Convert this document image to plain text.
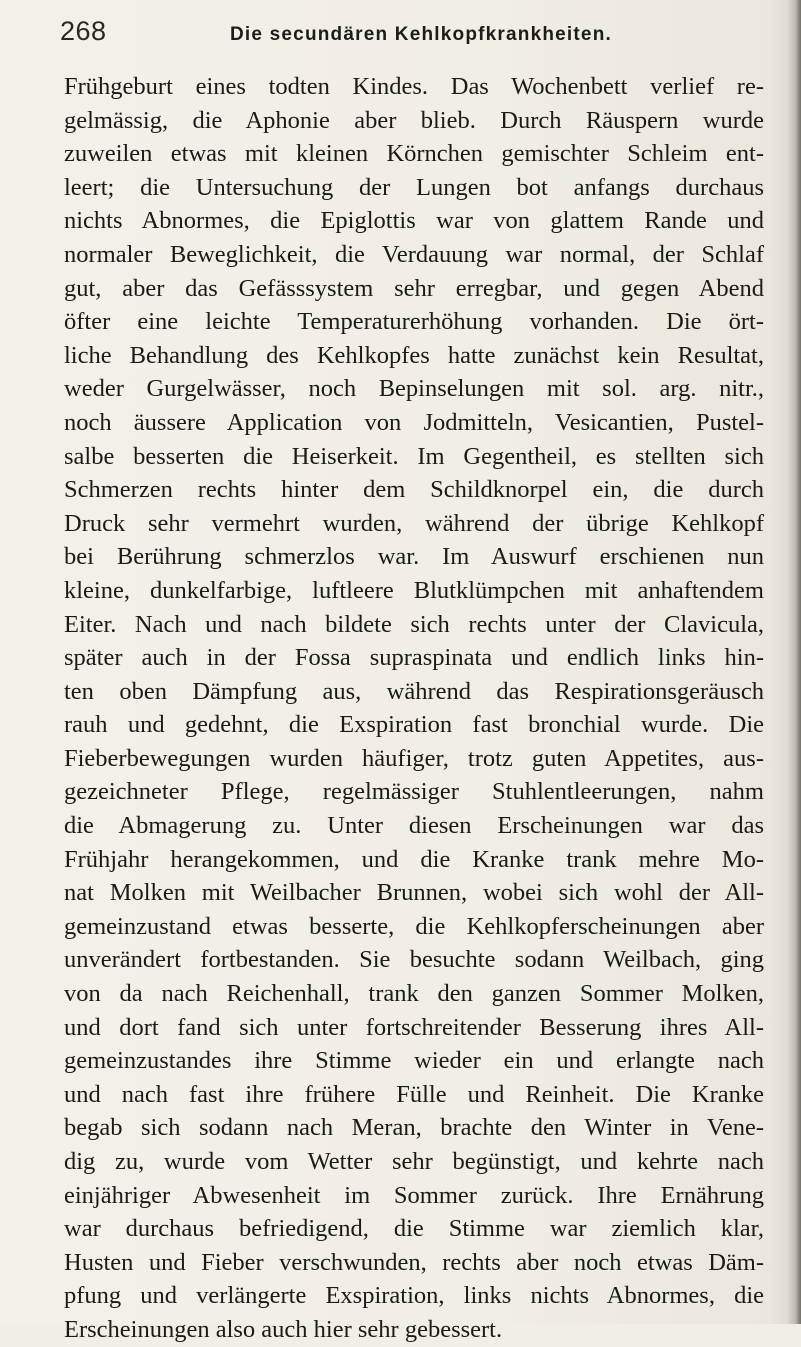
268	Die secundären Kehlkopfkrankheiten.
Frühgeburt eines todten Kindes. Das Wochenbett verlief re-
gelmässig, die Aphonie aber blieb. Durch Räuspern wurde
zuweilen etwas mit kleinen Körnchen gemischter Schleim ent-
leert; die Untersuchung der Lungen bot anfangs durchaus
nichts Abnormes, die Epiglottis war von glattem Rande und
normaler Beweglichkeit, die Verdauung war normal, der Schlaf
gut, aber das Gefässsystem sehr erregbar, und gegen Abend
öfter eine leichte Temperaturerhöhung vorhanden. Die ört-
liche Behandlung des Kehlkopfes hatte zunächst kein Resultat,
weder Gurgelwässer, noch Bepinselungen mit sol. arg. nitr.,
noch äussere Application von Jodmitteln, Vesicantien, Pustel-
salbe besserten die Heiserkeit. Im Gegentheil, es stellten sich
Schmerzen rechts hinter dem Schildknorpel ein, die durch
Druck sehr vermehrt wurden, während der übrige Kehlkopf
bei Berührung schmerzlos war. Im Auswurf erschienen nun
kleine, dunkelfarbige, luftleere Blutklümpchen mit anhaftendem
Eiter. Nach und nach bildete sich rechts unter der Clavicula,
später auch in der Fossa supraspinata und endlich links hin-
ten oben Dämpfung aus, während das Respirationsgeräusch
rauh und gedehnt, die Exspiration fast bronchial wurde. Die
Fieberbewegungen wurden häufiger, trotz guten Appetites, aus-
gezeichneter Pflege, regelmässiger Stuhlentleerungen, nahm
die Abmagerung zu. Unter diesen Erscheinungen war das
Frühjahr herangekommen, und die Kranke trank mehre Mo-
nat Molken mit Weilbacher Brunnen, wobei sich wohl der All-
gemeinzustand etwas besserte, die Kehlkopferscheinungen aber
unverändert fortbestanden. Sie besuchte sodann Weilbach, ging
von da nach Reichenhall, trank den ganzen Sommer Molken,
und dort fand sich unter fortschreitender Besserung ihres All-
gemeinzustandes ihre Stimme wieder ein und erlangte nach
und nach fast ihre frühere Fülle und Reinheit. Die Kranke
begab sich sodann nach Meran, brachte den Winter in Vene-
dig zu, wurde vom Wetter sehr begünstigt, und kehrte nach
einjähriger Abwesenheit im Sommer zurück. Ihre Ernährung
war durchaus befriedigend, die Stimme war ziemlich klar,
Husten und Fieber verschwunden, rechts aber noch etwas Däm-
pfung und verlängerte Exspiration, links nichts Abnormes, die
Erscheinungen also auch hier sehr gebessert.
